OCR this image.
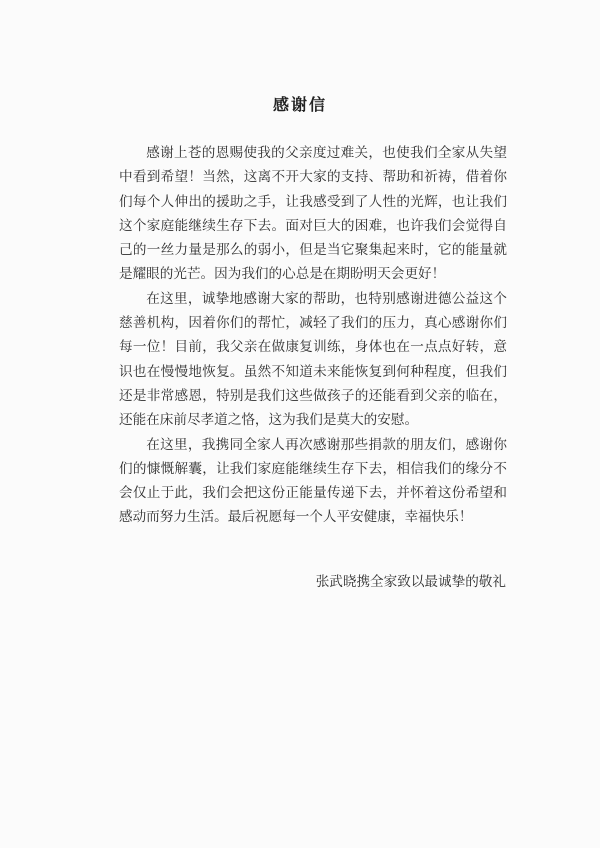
感谢信

感谢上苍的恩赐使我的父亲度过难关，也使我们全家从失望中看到希望！当然，这离不开大家的支持、帮助和祈祷，借着你们每个人伸出的援助之手，让我感受到了人性的光辉，也让我们这个家庭能继续生存下去。面对巨大的困难，也许我们会觉得自己的一丝力量是那么的弱小，但是当它聚集起来时，它的能量就是耀眼的光芒。因为我们的心总是在期盼明天会更好！

在这里，诚挚地感谢大家的帮助，也特别感谢进德公益这个慈善机构，因着你们的帮忙，减轻了我们的压力，真心感谢你们每一位！目前，我父亲在做康复训练，身体也在一点点好转，意识也在慢慢地恢复。虽然不知道未来能恢复到何种程度，但我们还是非常感恩，特别是我们这些做孩子的还能看到父亲的临在，还能在床前尽孝道之恪，这为我们是莫大的安慰。

在这里，我携同全家人再次感谢那些捐款的朋友们，感谢你们的慷慨解囊，让我们家庭能继续生存下去，相信我们的缘分不会仅止于此，我们会把这份正能量传递下去，并怀着这份希望和感动而努力生活。最后祝愿每一个人平安健康，幸福快乐！

张武晓携全家致以最诚挚的敬礼
